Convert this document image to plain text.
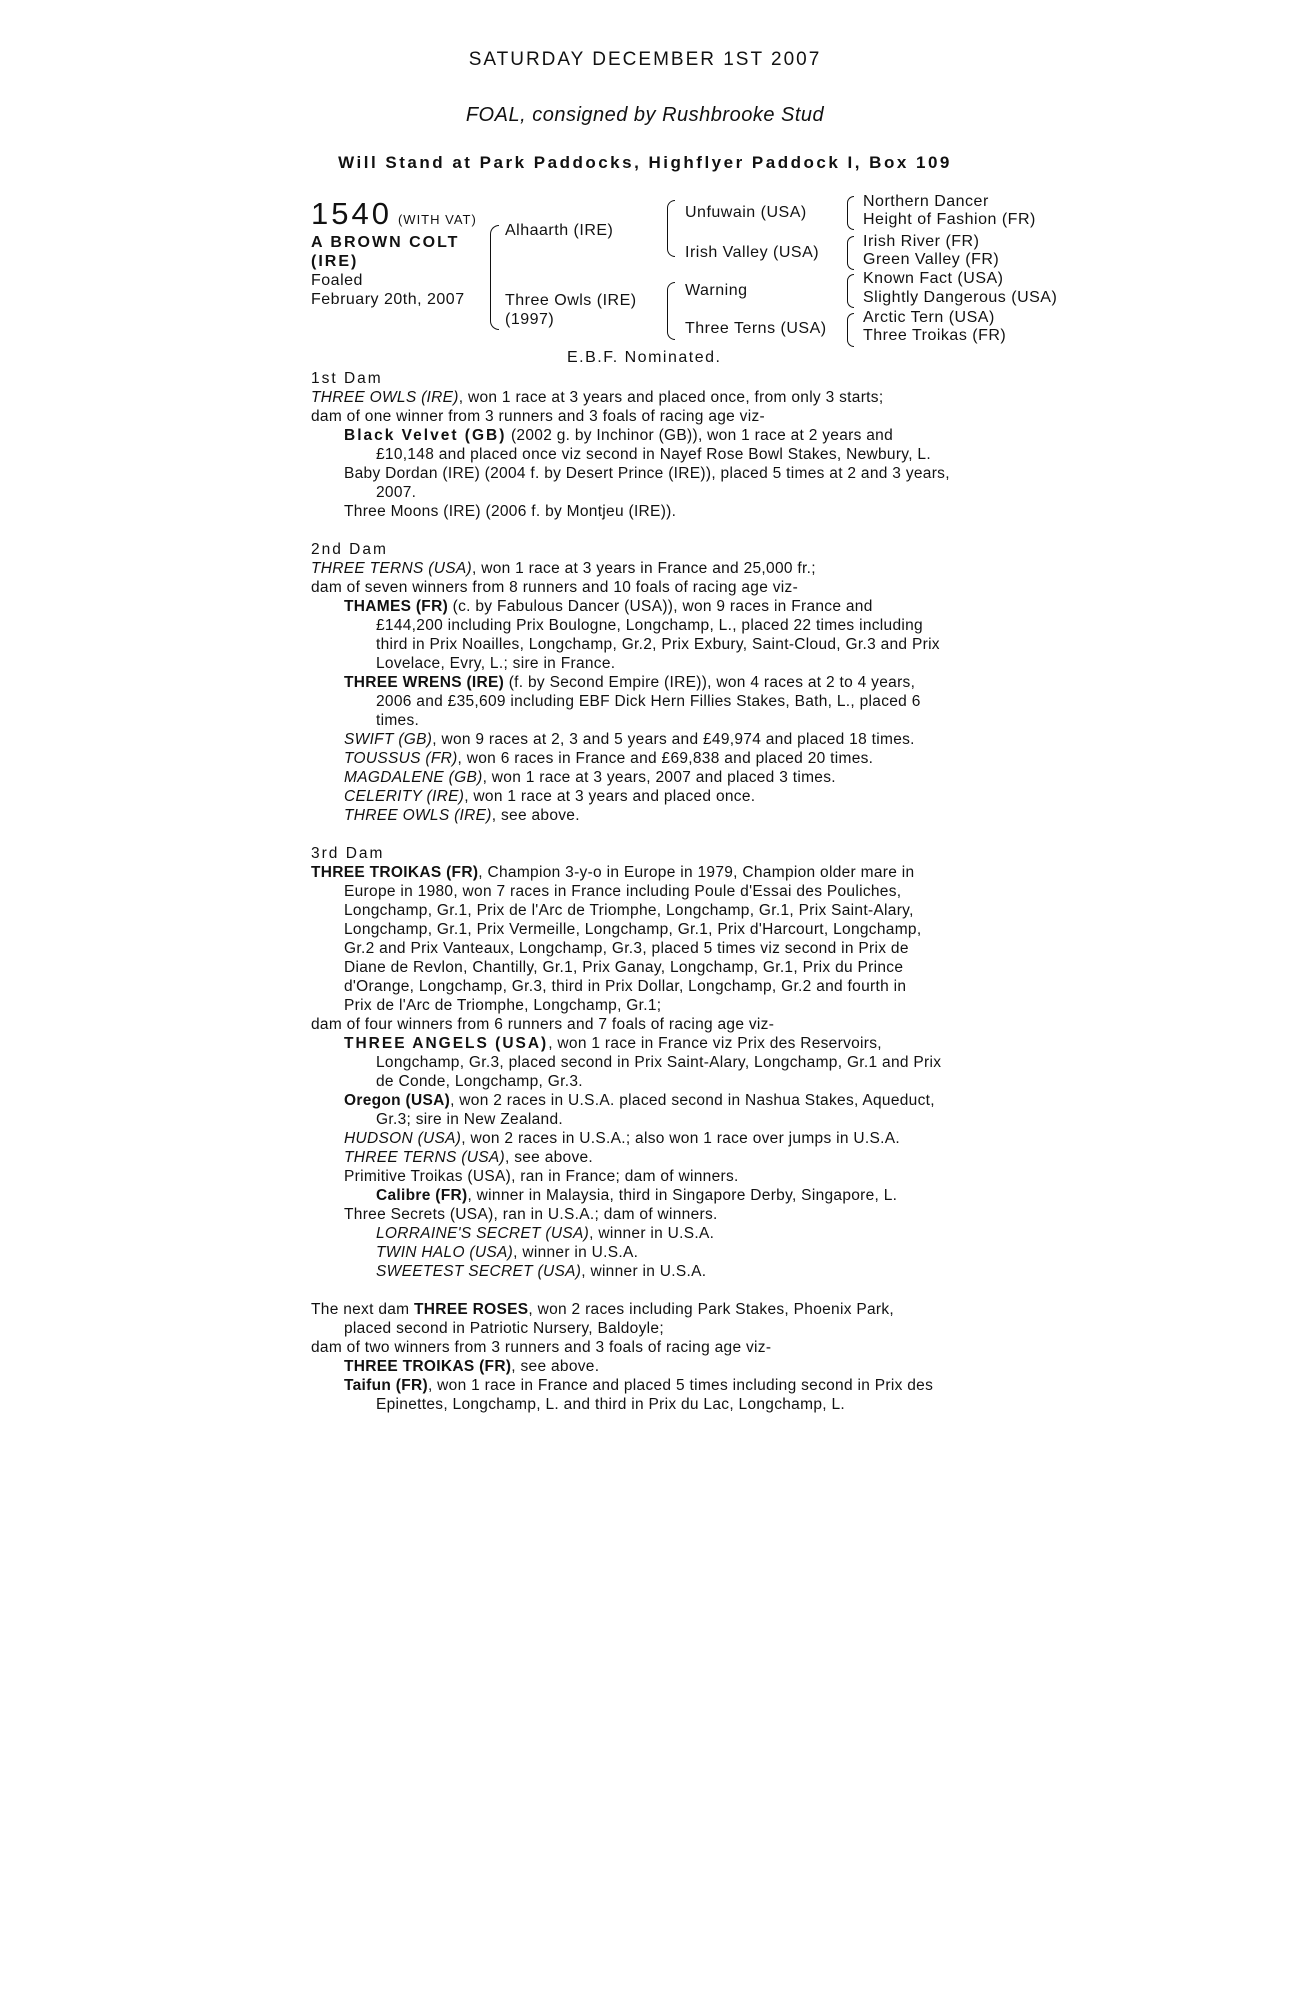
SATURDAY DECEMBER 1ST 2007
FOAL, consigned by Rushbrooke Stud
Will Stand at Park Paddocks, Highflyer Paddock I, Box 109
1540 (WITH VAT)
A BROWN COLT
(IRE)
Foaled
February 20th, 2007
Alhaarth (IRE)
Three Owls (IRE)
(1997)
Unfuwain (USA)
Irish Valley (USA)
Warning
Three Terns (USA)
Northern Dancer
Height of Fashion (FR)
Irish River (FR)
Green Valley (FR)
Known Fact (USA)
Slightly Dangerous (USA)
Arctic Tern (USA)
Three Troikas (FR)
E.B.F. Nominated.
1st Dam
THREE OWLS (IRE), won 1 race at 3 years and placed once, from only 3 starts;
dam of one winner from 3 runners and 3 foals of racing age viz-
Black Velvet (GB) (2002 g. by Inchinor (GB)), won 1 race at 2 years and
£10,148 and placed once viz second in Nayef Rose Bowl Stakes, Newbury, L.
Baby Dordan (IRE) (2004 f. by Desert Prince (IRE)), placed 5 times at 2 and 3 years,
2007.
Three Moons (IRE) (2006 f. by Montjeu (IRE)).
2nd Dam
THREE TERNS (USA), won 1 race at 3 years in France and 25,000 fr.;
dam of seven winners from 8 runners and 10 foals of racing age viz-
THAMES (FR) (c. by Fabulous Dancer (USA)), won 9 races in France and
£144,200 including Prix Boulogne, Longchamp, L., placed 22 times including
third in Prix Noailles, Longchamp, Gr.2, Prix Exbury, Saint-Cloud, Gr.3 and Prix
Lovelace, Evry, L.; sire in France.
THREE WRENS (IRE) (f. by Second Empire (IRE)), won 4 races at 2 to 4 years,
2006 and £35,609 including EBF Dick Hern Fillies Stakes, Bath, L., placed 6
times.
SWIFT (GB), won 9 races at 2, 3 and 5 years and £49,974 and placed 18 times.
TOUSSUS (FR), won 6 races in France and £69,838 and placed 20 times.
MAGDALENE (GB), won 1 race at 3 years, 2007 and placed 3 times.
CELERITY (IRE), won 1 race at 3 years and placed once.
THREE OWLS (IRE), see above.
3rd Dam
THREE TROIKAS (FR), Champion 3-y-o in Europe in 1979, Champion older mare in
Europe in 1980, won 7 races in France including Poule d'Essai des Pouliches,
Longchamp, Gr.1, Prix de l'Arc de Triomphe, Longchamp, Gr.1, Prix Saint-Alary,
Longchamp, Gr.1, Prix Vermeille, Longchamp, Gr.1, Prix d'Harcourt, Longchamp,
Gr.2 and Prix Vanteaux, Longchamp, Gr.3, placed 5 times viz second in Prix de
Diane de Revlon, Chantilly, Gr.1, Prix Ganay, Longchamp, Gr.1, Prix du Prince
d'Orange, Longchamp, Gr.3, third in Prix Dollar, Longchamp, Gr.2 and fourth in
Prix de l'Arc de Triomphe, Longchamp, Gr.1;
dam of four winners from 6 runners and 7 foals of racing age viz-
THREE ANGELS (USA), won 1 race in France viz Prix des Reservoirs,
Longchamp, Gr.3, placed second in Prix Saint-Alary, Longchamp, Gr.1 and Prix
de Conde, Longchamp, Gr.3.
Oregon (USA), won 2 races in U.S.A. placed second in Nashua Stakes, Aqueduct,
Gr.3; sire in New Zealand.
HUDSON (USA), won 2 races in U.S.A.; also won 1 race over jumps in U.S.A.
THREE TERNS (USA), see above.
Primitive Troikas (USA), ran in France; dam of winners.
Calibre (FR), winner in Malaysia, third in Singapore Derby, Singapore, L.
Three Secrets (USA), ran in U.S.A.; dam of winners.
LORRAINE'S SECRET (USA), winner in U.S.A.
TWIN HALO (USA), winner in U.S.A.
SWEETEST SECRET (USA), winner in U.S.A.
The next dam THREE ROSES, won 2 races including Park Stakes, Phoenix Park,
placed second in Patriotic Nursery, Baldoyle;
dam of two winners from 3 runners and 3 foals of racing age viz-
THREE TROIKAS (FR), see above.
Taifun (FR), won 1 race in France and placed 5 times including second in Prix des
Epinettes, Longchamp, L. and third in Prix du Lac, Longchamp, L.
